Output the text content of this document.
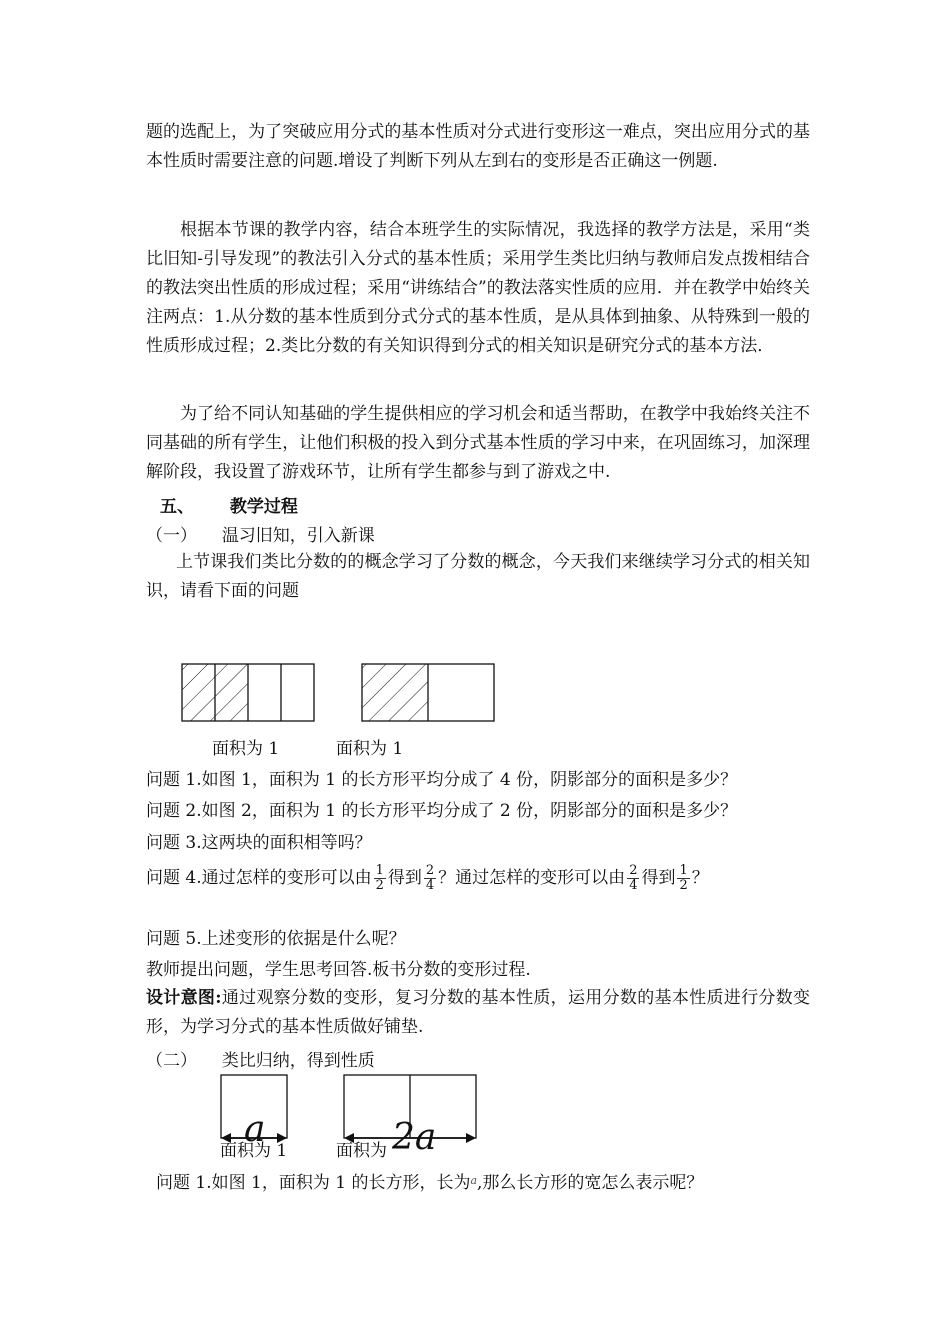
题的选配上，为了突破应用分式的基本性质对分式进行变形这一难点，突出应用分式的基本性质时需要注意的问题.增设了判断下列从左到右的变形是否正确这一例题.

根据本节课的教学内容，结合本班学生的实际情况，我选择的教学方法是，采用“类比旧知-引导发现”的教法引入分式的基本性质；采用学生类比归纳与教师启发点拨相结合的教法突出性质的形成过程；采用“讲练结合”的教法落实性质的应用．并在教学中始终关注两点：1.从分数的基本性质到分式分式的基本性质，是从具体到抽象、从特殊到一般的性质形成过程；2.类比分数的有关知识得到分式的相关知识是研究分式的基本方法．

为了给不同认知基础的学生提供相应的学习机会和适当帮助，在教学中我始终关注不同基础的所有学生，让他们积极的投入到分式基本性质的学习中来，在巩固练习，加深理解阶段，我设置了游戏环节，让所有学生都参与到了游戏之中.

五、 教学过程
（一） 温习旧知，引入新课

上节课我们类比分数的的概念学习了分数的概念，今天我们来继续学习分式的相关知识，请看下面的问题

面积为 1	面积为 1
问题 1.如图 1，面积为 1 的长方形平均分成了 4 份，阴影部分的面积是多少？
问题 2.如图 2，面积为 1 的长方形平均分成了 2 份，阴影部分的面积是多少？
问题 3.这两块的面积相等吗？
问题 4.通过怎样的变形可以由 $\frac{1}{2}$ 得到 $\frac{2}{4}$ ？通过怎样的变形可以由 $\frac{2}{4}$ 得到 $\frac{1}{2}$ ？
问题 5.上述变形的依据是什么呢？
教师提出问题，学生思考回答.板书分数的变形过程.

设计意图:通过观察分数的变形，复习分数的基本性质，运用分数的基本性质进行分数变形，为学习分式的基本性质做好铺垫.

（二） 类比归纳，得到性质
面积为 1	面积为
a	2a
问题 1.如图 1，面积为 1 的长方形，长为$^a$,那么长方形的宽怎么表示呢？
